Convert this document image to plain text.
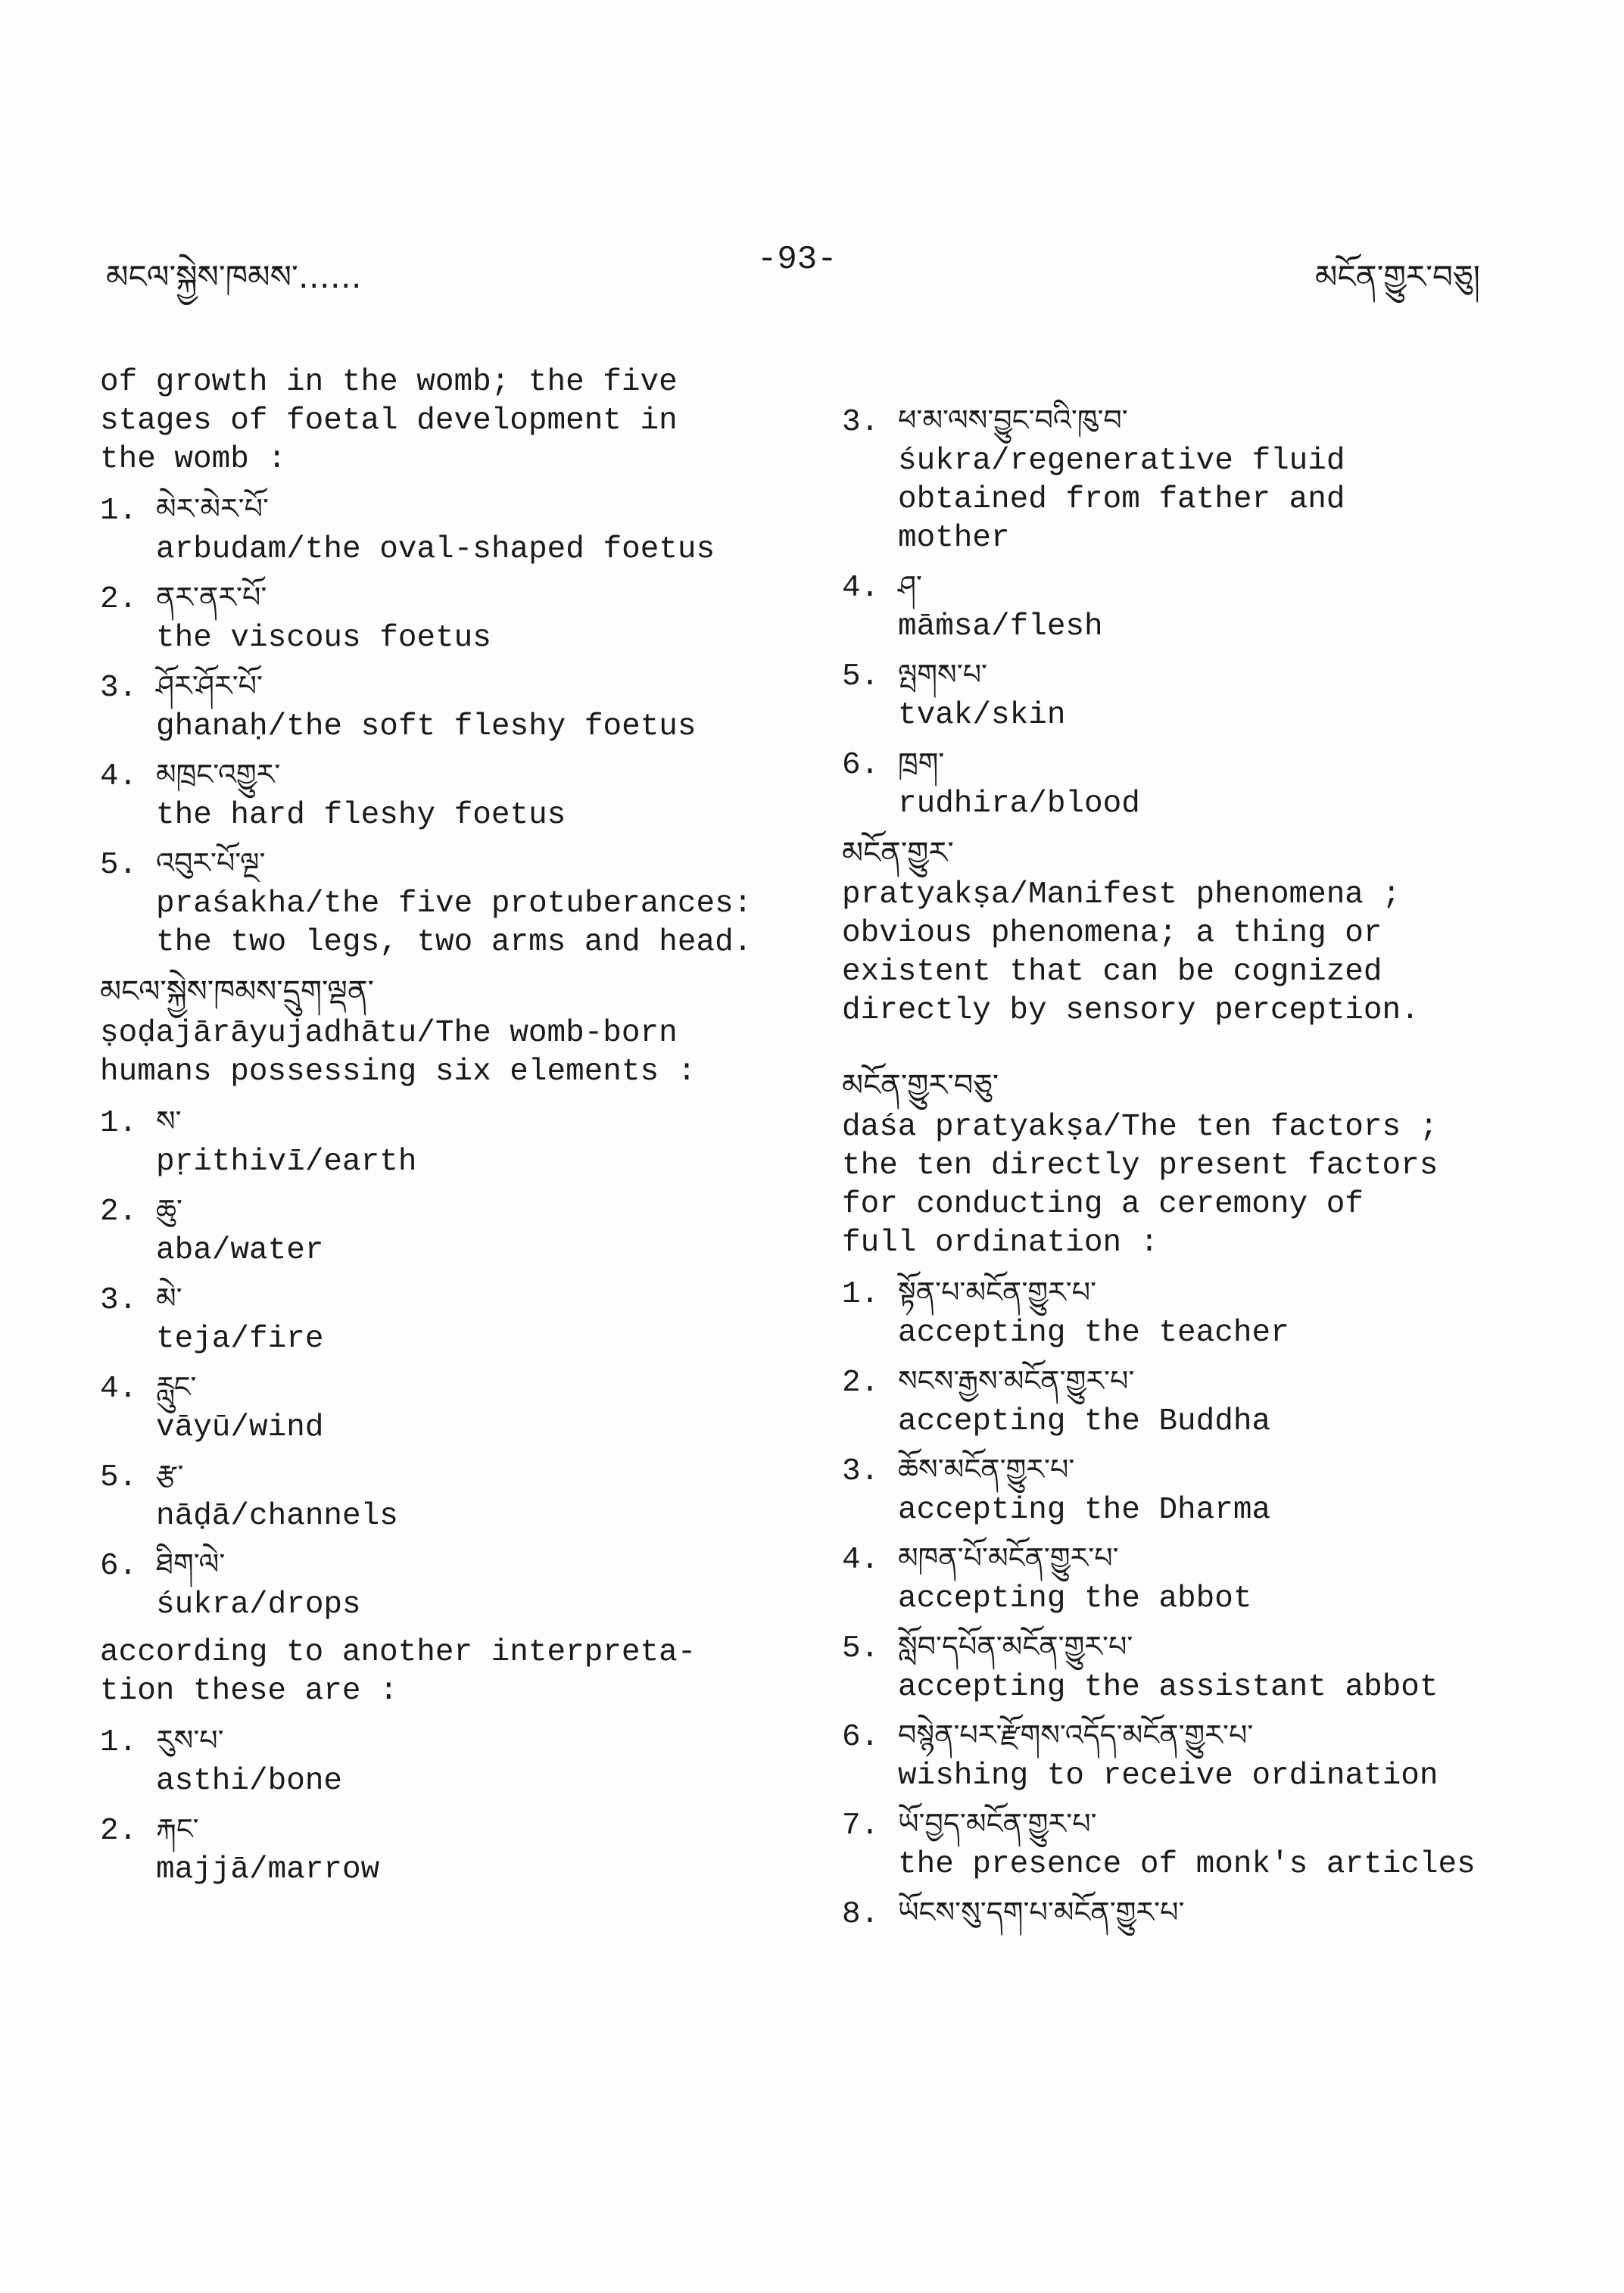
མངལ་སྐྱེས་ཁམས་……	-93-	མངོན་གྱུར་བཅུ།

of growth in the womb; the five
stages of foetal development in
the womb :

1. མེར་མེར་པོ་
arbudam/the oval-shaped foetus
2. ནར་ནར་པོ་
the viscous foetus
3. ཤོར་ཤོར་པོ་
ghanaḥ/the soft fleshy foetus
4. མཁྲང་འགྱུར་
the hard fleshy foetus
5. འབུར་པོ་ལྔ་
praśakha/the five protuberances:
the two legs, two arms and head.
མངལ་སྐྱེས་ཁམས་དྲུག་ལྡན་

ṣoḍajārāyujadhātu/The womb-born
humans possessing six elements :

1. ས་
pṛithivī/earth
2. ཆུ་
aba/water
3. མེ་
teja/fire
4. རླུང་
vāyū/wind
5. རྩ་
nāḍā/channels
6. ཐིག་ལེ་
śukra/drops

according to another interpreta-
tion these are :

1. རུས་པ་
asthi/bone
2. རྐང་
majjā/marrow
3. ཕ་མ་ལས་བྱུང་བའི་ཁུ་བ་
śukra/regenerative fluid
obtained from father and
mother
4. ཤ་
māṁsa/flesh
5. ལྤགས་པ་
tvak/skin
6. ཁྲག་
rudhira/blood
མངོན་གྱུར་

pratyakṣa/Manifest phenomena ;
obvious phenomena; a thing or
existent that can be cognized
directly by sensory perception.

མངོན་གྱུར་བཅུ་

daśa pratyakṣa/The ten factors ;
the ten directly present factors
for conducting a ceremony of
full ordination :

1. སྟོན་པ་མངོན་གྱུར་པ་
accepting the teacher
2. སངས་རྒྱས་མངོན་གྱུར་པ་
accepting the Buddha
3. ཆོས་མངོན་གྱུར་པ་
accepting the Dharma
4. མཁན་པོ་མངོན་གྱུར་པ་
accepting the abbot
5. སློབ་དཔོན་མངོན་གྱུར་པ་
accepting the assistant abbot
6. བསྙེན་པར་རྫོགས་འདོད་མངོན་གྱུར་པ་
wishing to receive ordination
7. ཡོ་བྱད་མངོན་གྱུར་པ་
the presence of monk's articles
8. ཡོངས་སུ་དག་པ་མངོན་གྱུར་པ་
